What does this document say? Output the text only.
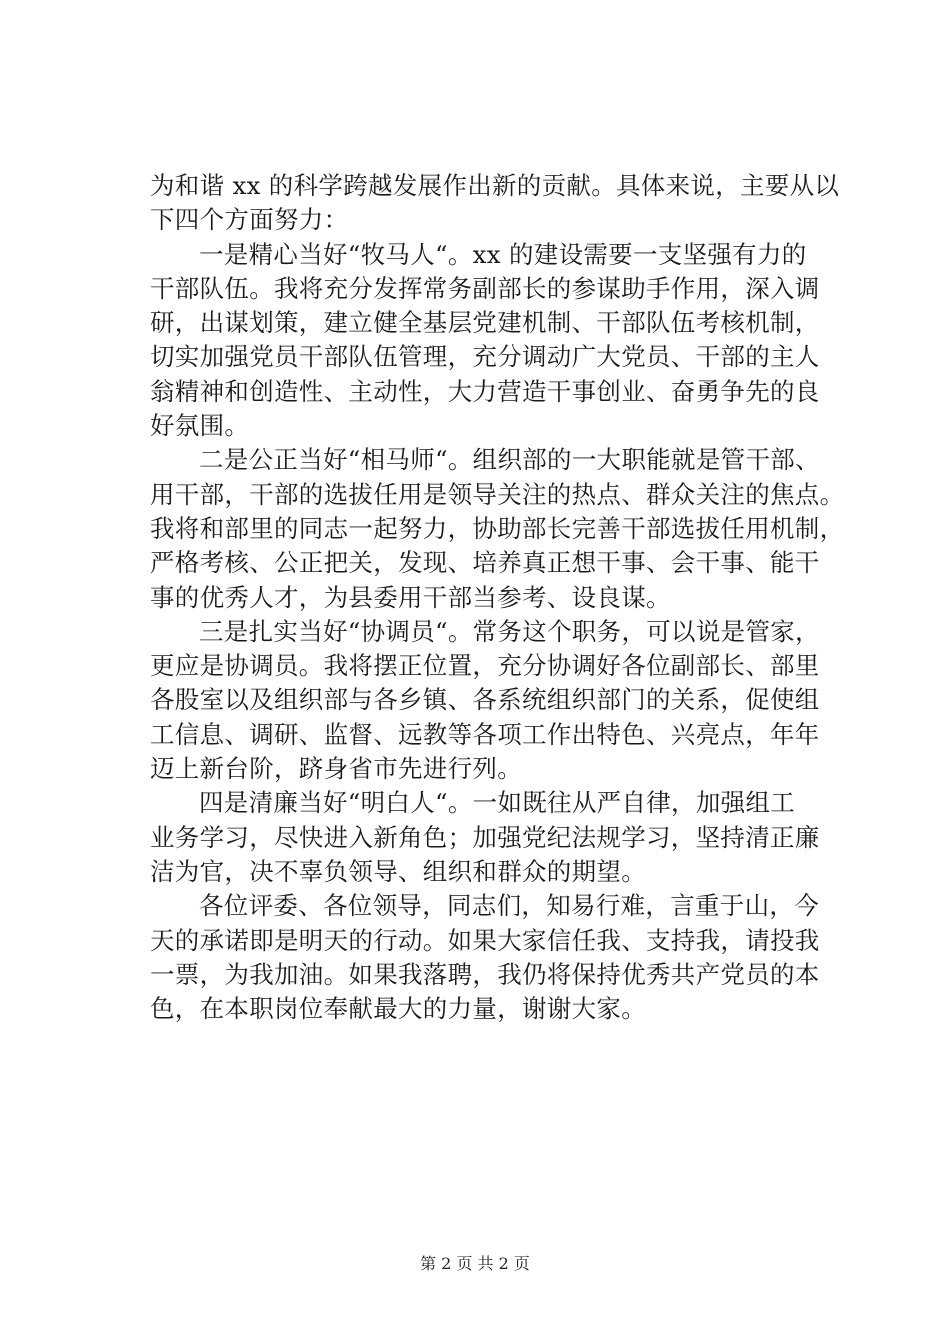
为和谐 xx 的科学跨越发展作出新的贡献。具体来说，主要从以
下四个方面努力：
一是精心当好“牧马人“。xx 的建设需要一支坚强有力的
干部队伍。我将充分发挥常务副部长的参谋助手作用，深入调
研，出谋划策，建立健全基层党建机制、干部队伍考核机制，
切实加强党员干部队伍管理，充分调动广大党员、干部的主人
翁精神和创造性、主动性，大力营造干事创业、奋勇争先的良
好氛围。
二是公正当好“相马师“。组织部的一大职能就是管干部、
用干部，干部的选拔任用是领导关注的热点、群众关注的焦点。
我将和部里的同志一起努力，协助部长完善干部选拔任用机制，
严格考核、公正把关，发现、培养真正想干事、会干事、能干
事的优秀人才，为县委用干部当参考、设良谋。
三是扎实当好“协调员“。常务这个职务，可以说是管家，
更应是协调员。我将摆正位置，充分协调好各位副部长、部里
各股室以及组织部与各乡镇、各系统组织部门的关系，促使组
工信息、调研、监督、远教等各项工作出特色、兴亮点，年年
迈上新台阶，跻身省市先进行列。
四是清廉当好“明白人“。一如既往从严自律，加强组工
业务学习，尽快进入新角色；加强党纪法规学习，坚持清正廉
洁为官，决不辜负领导、组织和群众的期望。
各位评委、各位领导，同志们，知易行难，言重于山，今
天的承诺即是明天的行动。如果大家信任我、支持我，请投我
一票，为我加油。如果我落聘，我仍将保持优秀共产党员的本
色，在本职岗位奉献最大的力量，谢谢大家。
第 2 页 共 2 页
